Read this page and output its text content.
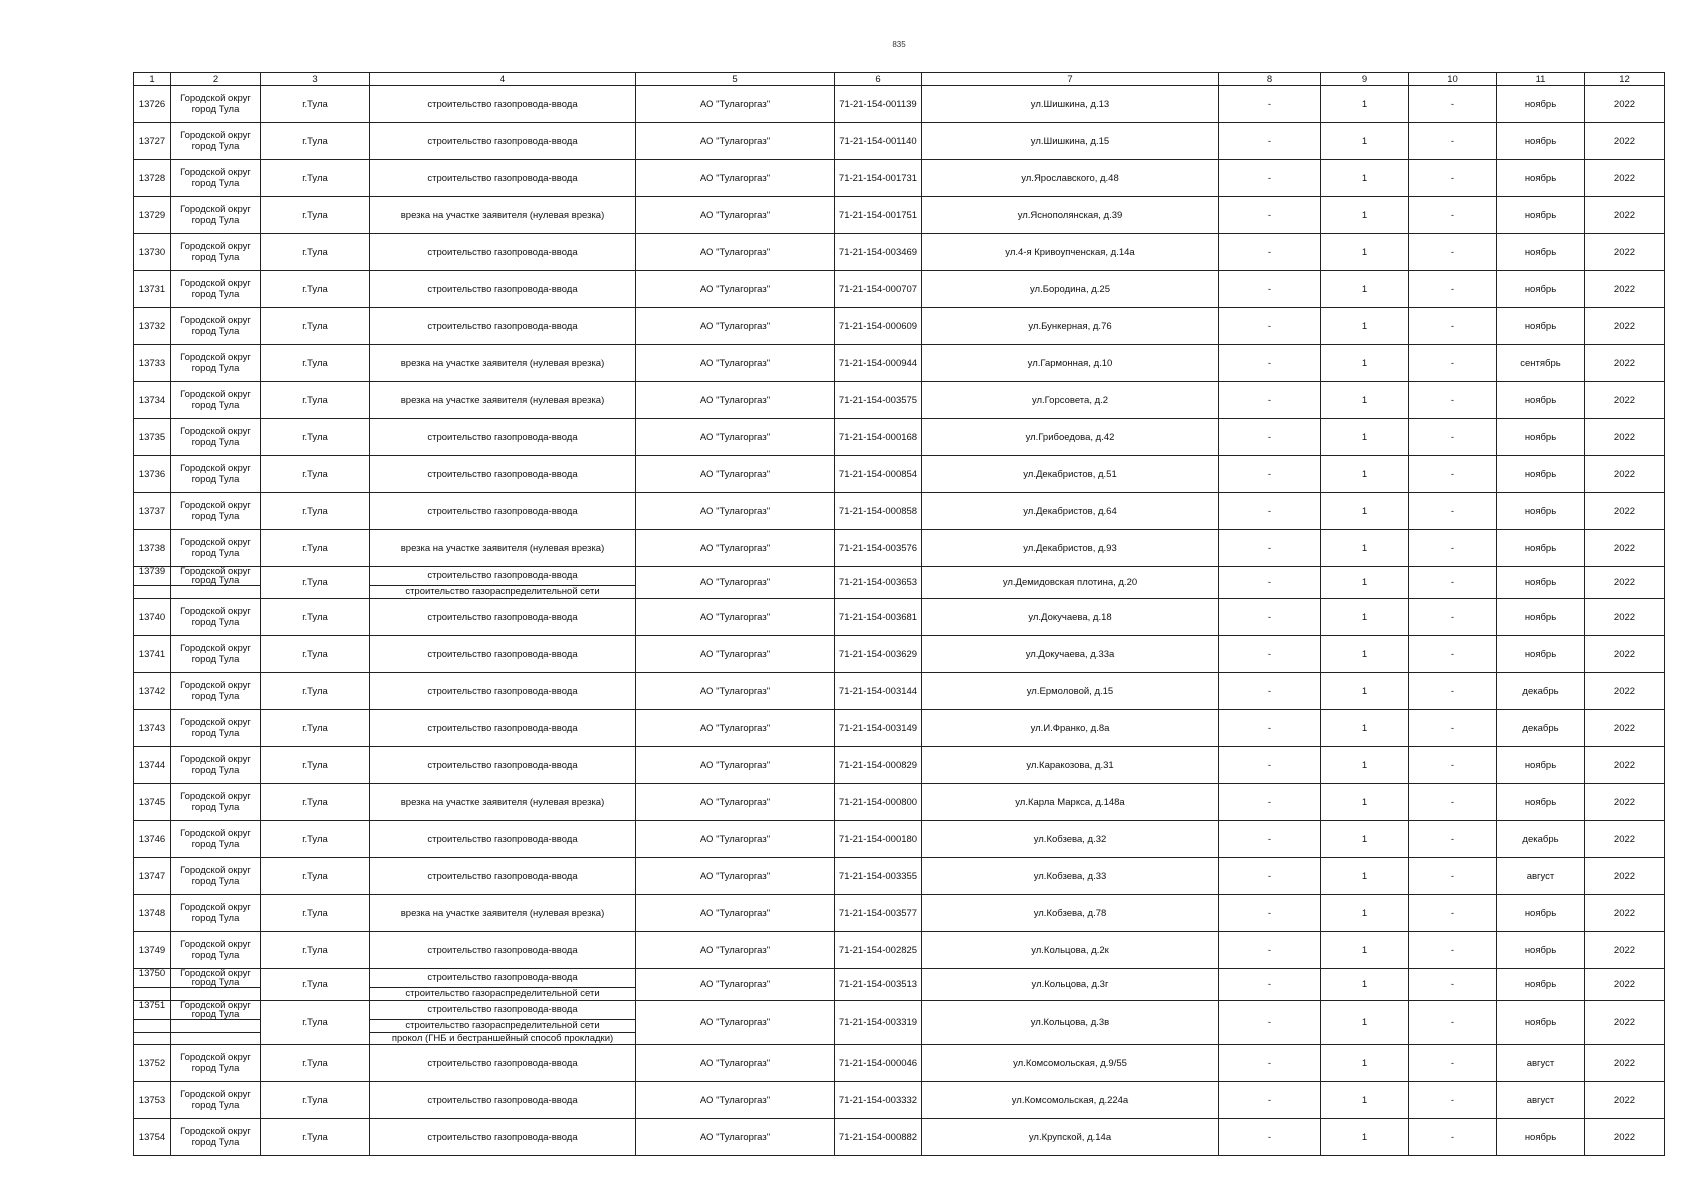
835
1	2	3	4	5	6	7	8	9	10	11	12
13726	Городской округ город Тула	г.Тула	строительство газопровода-ввода	АО "Тулагоргаз"	71-21-154-001139	ул.Шишкина, д.13	-	1	-	ноябрь	2022
13727	Городской округ город Тула	г.Тула	строительство газопровода-ввода	АО "Тулагоргаз"	71-21-154-001140	ул.Шишкина, д.15	-	1	-	ноябрь	2022
13728	Городской округ город Тула	г.Тула	строительство газопровода-ввода	АО "Тулагоргаз"	71-21-154-001731	ул.Ярославского, д.48	-	1	-	ноябрь	2022
13729	Городской округ город Тула	г.Тула	врезка на участке заявителя (нулевая врезка)	АО "Тулагоргаз"	71-21-154-001751	ул.Яснополянская, д.39	-	1	-	ноябрь	2022
13730	Городской округ город Тула	г.Тула	строительство газопровода-ввода	АО "Тулагоргаз"	71-21-154-003469	ул.4-я Кривоупченская, д.14а	-	1	-	ноябрь	2022
13731	Городской округ город Тула	г.Тула	строительство газопровода-ввода	АО "Тулагоргаз"	71-21-154-000707	ул.Бородина, д.25	-	1	-	ноябрь	2022
13732	Городской округ город Тула	г.Тула	строительство газопровода-ввода	АО "Тулагоргаз"	71-21-154-000609	ул.Бункерная, д.76	-	1	-	ноябрь	2022
13733	Городской округ город Тула	г.Тула	врезка на участке заявителя (нулевая врезка)	АО "Тулагоргаз"	71-21-154-000944	ул.Гармонная, д.10	-	1	-	сентябрь	2022
13734	Городской округ город Тула	г.Тула	врезка на участке заявителя (нулевая врезка)	АО "Тулагоргаз"	71-21-154-003575	ул.Горсовета, д.2	-	1	-	ноябрь	2022
13735	Городской округ город Тула	г.Тула	строительство газопровода-ввода	АО "Тулагоргаз"	71-21-154-000168	ул.Грибоедова, д.42	-	1	-	ноябрь	2022
13736	Городской округ город Тула	г.Тула	строительство газопровода-ввода	АО "Тулагоргаз"	71-21-154-000854	ул.Декабристов, д.51	-	1	-	ноябрь	2022
13737	Городской округ город Тула	г.Тула	строительство газопровода-ввода	АО "Тулагоргаз"	71-21-154-000858	ул.Декабристов, д.64	-	1	-	ноябрь	2022
13738	Городской округ город Тула	г.Тула	врезка на участке заявителя (нулевая врезка)	АО "Тулагоргаз"	71-21-154-003576	ул.Декабристов, д.93	-	1	-	ноябрь	2022
13739	Городской округ город Тула	г.Тула	строительство газопровода-ввода	АО "Тулагоргаз"	71-21-154-003653	ул.Демидовская плотина, д.20	-	1	-	ноябрь	2022
			строительство газораспределительной сети								
13740	Городской округ город Тула	г.Тула	строительство газопровода-ввода	АО "Тулагоргаз"	71-21-154-003681	ул.Докучаева, д.18	-	1	-	ноябрь	2022
13741	Городской округ город Тула	г.Тула	строительство газопровода-ввода	АО "Тулагоргаз"	71-21-154-003629	ул.Докучаева, д.33а	-	1	-	ноябрь	2022
13742	Городской округ город Тула	г.Тула	строительство газопровода-ввода	АО "Тулагоргаз"	71-21-154-003144	ул.Ермоловой, д.15	-	1	-	декабрь	2022
13743	Городской округ город Тула	г.Тула	строительство газопровода-ввода	АО "Тулагоргаз"	71-21-154-003149	ул.И.Франко, д.8а	-	1	-	декабрь	2022
13744	Городской округ город Тула	г.Тула	строительство газопровода-ввода	АО "Тулагоргаз"	71-21-154-000829	ул.Каракозова, д.31	-	1	-	ноябрь	2022
13745	Городской округ город Тула	г.Тула	врезка на участке заявителя (нулевая врезка)	АО "Тулагоргаз"	71-21-154-000800	ул.Карла Маркса, д.148а	-	1	-	ноябрь	2022
13746	Городской округ город Тула	г.Тула	строительство газопровода-ввода	АО "Тулагоргаз"	71-21-154-000180	ул.Кобзева, д.32	-	1	-	декабрь	2022
13747	Городской округ город Тула	г.Тула	строительство газопровода-ввода	АО "Тулагоргаз"	71-21-154-003355	ул.Кобзева, д.33	-	1	-	август	2022
13748	Городской округ город Тула	г.Тула	врезка на участке заявителя (нулевая врезка)	АО "Тулагоргаз"	71-21-154-003577	ул.Кобзева, д.78	-	1	-	ноябрь	2022
13749	Городской округ город Тула	г.Тула	строительство газопровода-ввода	АО "Тулагоргаз"	71-21-154-002825	ул.Кольцова, д.2к	-	1	-	ноябрь	2022
13750	Городской округ город Тула	г.Тула	строительство газопровода-ввода	АО "Тулагоргаз"	71-21-154-003513	ул.Кольцова, д.3г	-	1	-	ноябрь	2022
			строительство газораспределительной сети								
13751	Городской округ город Тула	г.Тула	строительство газопровода-ввода	АО "Тулагоргаз"	71-21-154-003319	ул.Кольцова, д.3в	-	1	-	ноябрь	2022
			строительство газораспределительной сети								
			прокол (ГНБ и бестраншейный способ прокладки)								
13752	Городской округ город Тула	г.Тула	строительство газопровода-ввода	АО "Тулагоргаз"	71-21-154-000046	ул.Комсомольская, д.9/55	-	1	-	август	2022
13753	Городской округ город Тула	г.Тула	строительство газопровода-ввода	АО "Тулагоргаз"	71-21-154-003332	ул.Комсомольская, д.224а	-	1	-	август	2022
13754	Городской округ город Тула	г.Тула	строительство газопровода-ввода	АО "Тулагоргаз"	71-21-154-000882	ул.Крупской, д.14а	-	1	-	ноябрь	2022
